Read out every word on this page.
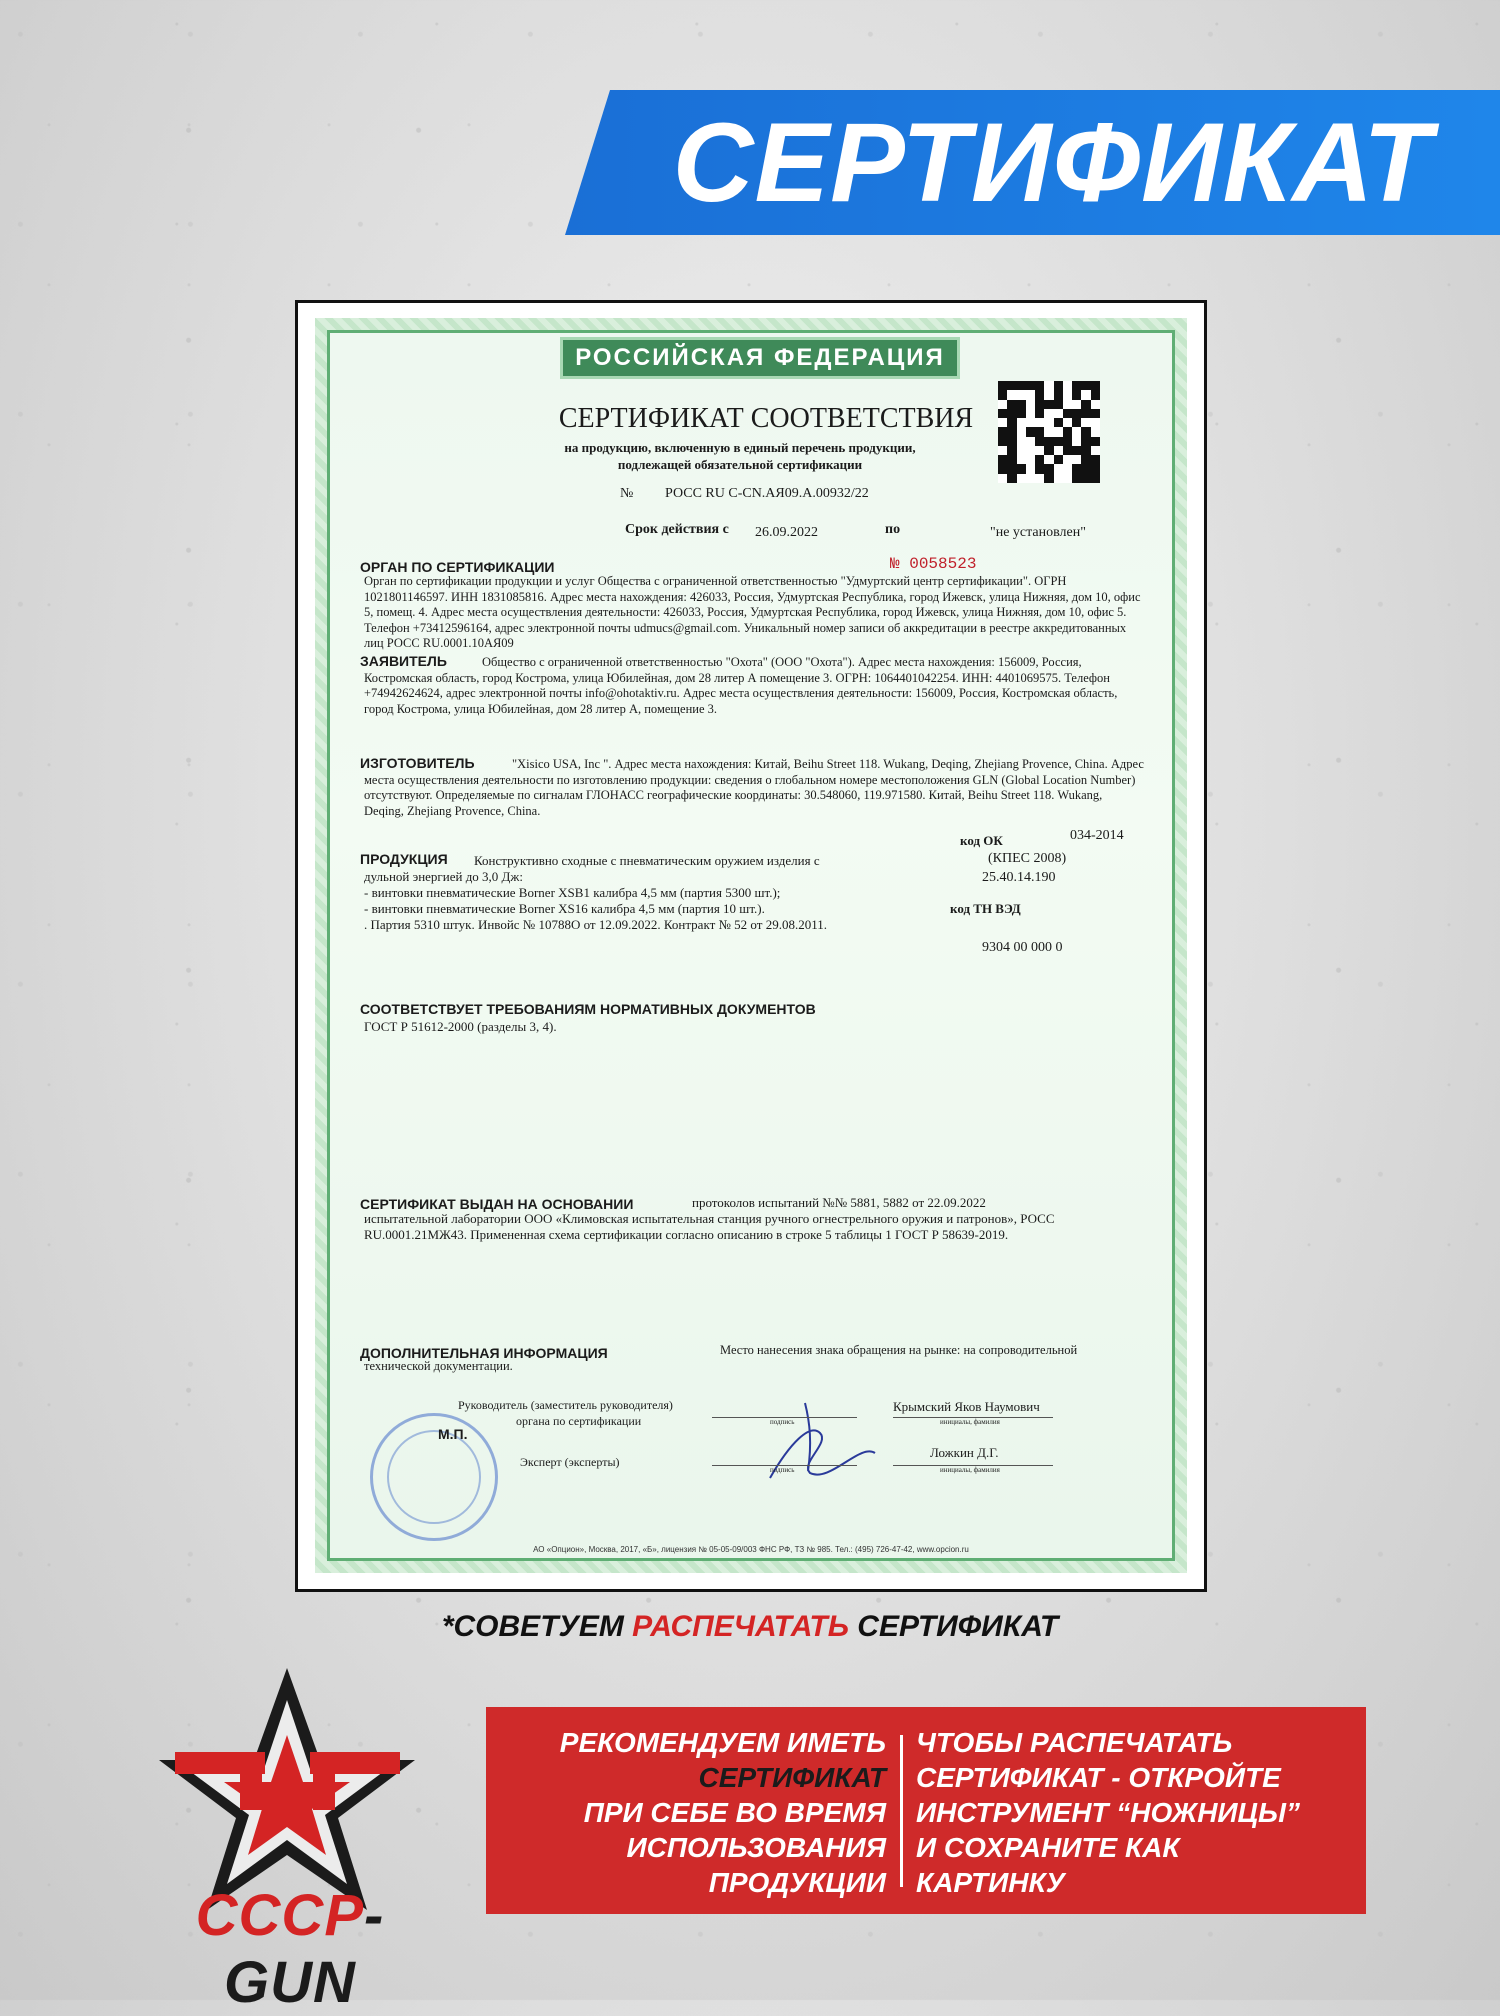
СЕРТИФИКАТ
РОССИЙСКАЯ ФЕДЕРАЦИЯ
СЕРТИФИКАТ СООТВЕТСТВИЯ
на продукцию, включенную в единый перечень продукции,
подлежащей обязательной сертификации
№ РОСС RU С-CN.АЯ09.А.00932/22
Срок действия с 26.09.2022	по	"не установлен"
№ 0058523
ОРГАН ПО СЕРТИФИКАЦИИ
Орган по сертификации продукции и услуг Общества с ограниченной ответственностью "Удмуртский центр сертификации". ОГРН 1021801146597. ИНН 1831085816. Адрес места нахождения: 426033, Россия, Удмуртская Республика, город Ижевск, улица Нижняя, дом 10, офис 5, помещ. 4. Адрес места осуществления деятельности: 426033, Россия, Удмуртская Республика, город Ижевск, улица Нижняя, дом 10, офис 5. Телефон +73412596164, адрес электронной почты udmucs@gmail.com. Уникальный номер записи об аккредитации в реестре аккредитованных лиц РОСС RU.0001.10АЯ09
ЗАЯВИТЕЛЬ	Общество с ограниченной ответственностью "Охота" (ООО "Охота"). Адрес места нахождения: 156009, Россия, Костромская область, город Кострома, улица Юбилейная, дом 28 литер А помещение 3. ОГРН: 1064401042254. ИНН: 4401069575. Телефон +74942624624, адрес электронной почты info@ohotaktiv.ru. Адрес места осуществления деятельности: 156009, Россия, Костромская область, город Кострома, улица Юбилейная, дом 28 литер А, помещение 3.
ИЗГОТОВИТЕЛЬ	"Xisico USA, Inc ". Адрес места нахождения: Китай, Beihu Street 118. Wukang, Deqing, Zhejiang Provence, China. Адрес места осуществления деятельности по изготовлению продукции: сведения о глобальном номере местоположения GLN (Global Location Number) отсутствуют. Определяемые по сигналам ГЛОНАСС географические координаты: 30.548060, 119.971580. Китай, Beihu Street 118. Wukang, Deqing, Zhejiang Provence, China.
код ОК	034-2014
(КПЕС 2008)
25.40.14.190
ПРОДУКЦИЯ Конструктивно сходные с пневматическим оружием изделия с
дульной энергией до 3,0 Дж:
- винтовки пневматические Borner XSB1 калибра 4,5 мм (партия 5300 шт.);
- винтовки пневматические Borner XS16 калибра 4,5 мм (партия 10 шт.).
. Партия 5310 штук. Инвойс № 10788О от 12.09.2022. Контракт № 52 от 29.08.2011.
код ТН ВЭД
9304 00 000 0
СООТВЕТСТВУЕТ ТРЕБОВАНИЯМ НОРМАТИВНЫХ ДОКУМЕНТОВ
ГОСТ Р 51612-2000 (разделы 3, 4).
СЕРТИФИКАТ ВЫДАН НА ОСНОВАНИИ	протоколов испытаний №№ 5881, 5882 от 22.09.2022
испытательной лаборатории ООО «Климовская испытательная станция ручного огнестрельного оружия и патронов», РОСС RU.0001.21МЖ43. Примененная схема сертификации согласно описанию в строке 5 таблицы 1 ГОСТ Р 58639-2019.
ДОПОЛНИТЕЛЬНАЯ ИНФОРМАЦИЯ	Место нанесения знака обращения на рынке: на сопроводительной
технической документации.
Руководитель (заместитель руководителя)
органа по сертификации
М.П.
Эксперт (эксперты)
подпись
подпись
Крымский Яков Наумович
инициалы, фамилия
Ложкин Д.Г.
инициалы, фамилия
АО «Опцион», Москва, 2017, «Б», лицензия № 05-05-09/003 ФНС РФ, ТЗ № 985. Тел.: (495) 726-47-42, www.opcion.ru
*СОВЕТУЕМ РАСПЕЧАТАТЬ СЕРТИФИКАТ
СССР-GUN
РЕКОМЕНДУЕМ ИМЕТЬ
СЕРТИФИКАТ
ПРИ СЕБЕ ВО ВРЕМЯ
ИСПОЛЬЗОВАНИЯ
ПРОДУКЦИИ
ЧТОБЫ РАСПЕЧАТАТЬ
СЕРТИФИКАТ - ОТКРОЙТЕ
ИНСТРУМЕНТ “НОЖНИЦЫ”
И СОХРАНИТЕ КАК
КАРТИНКУ
